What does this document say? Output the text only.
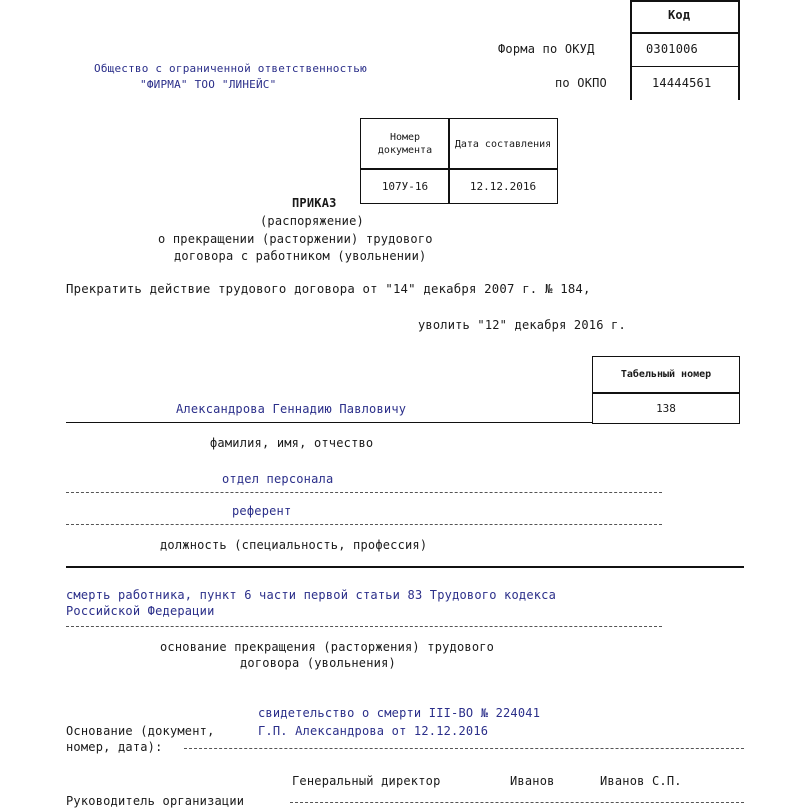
Код
Форма по ОКУД	0301006
по ОКПО	14444561
Общество с ограниченной ответственностью
"ФИРМА" ТОО "ЛИНЕЙС"
Номер документа
Дата составления
107У-16	12.12.2016
ПРИКАЗ
(распоряжение)
о прекращении (расторжении) трудового
договора с работником (увольнении)
Прекратить действие трудового договора от "14" декабря 2007 г. № 184,
уволить "12" декабря 2016 г.
Табельный номер
138
Александрова Геннадию Павловичу
фамилия, имя, отчество
отдел персонала
референт
должность (специальность, профессия)
смерть работника, пункт 6 части первой статьи 83 Трудового кодекса
Российской Федерации
основание прекращения (расторжения) трудового
договора (увольнения)
свидетельство о смерти III-ВО № 224041
Основание (документ,	Г.П. Александрова от 12.12.2016
номер, дата):
Генеральный директор	Иванов	Иванов С.П.
Руководитель организации
